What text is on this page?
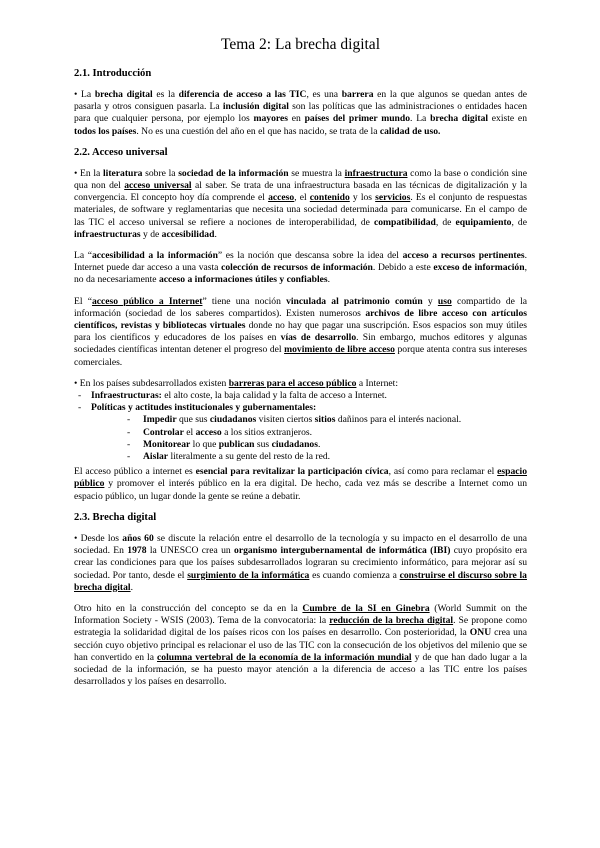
Tema 2: La brecha digital
2.1. Introducción

• La brecha digital es la diferencia de acceso a las TIC, es una barrera en la que algunos se quedan antes de pasarla y otros consiguen pasarla. La inclusión digital son las políticas que las administraciones o entidades hacen para que cualquier persona, por ejemplo los mayores en países del primer mundo. La brecha digital existe en todos los países. No es una cuestión del año en el que has nacido, se trata de la calidad de uso.

2.2. Acceso universal

• En la literatura sobre la sociedad de la información se muestra la infraestructura como la base o condición sine qua non del acceso universal al saber. Se trata de una infraestructura basada en las técnicas de digitalización y la convergencia. El concepto hoy día comprende el acceso, el contenido y los servicios. Es el conjunto de respuestas materiales, de software y reglamentarias que necesita una sociedad determinada para comunicarse. En el campo de las TIC el acceso universal se refiere a nociones de interoperabilidad, de compatibilidad, de equipamiento, de infraestructuras y de accesibilidad.

La “accesibilidad a la información” es la noción que descansa sobre la idea del acceso a recursos pertinentes. Internet puede dar acceso a una vasta colección de recursos de información. Debido a este exceso de información, no da necesariamente acceso a informaciones útiles y confiables.

El “acceso público a Internet” tiene una noción vinculada al patrimonio común y uso compartido de la información (sociedad de los saberes compartidos). Existen numerosos archivos de libre acceso con artículos científicos, revistas y bibliotecas virtuales donde no hay que pagar una suscripción. Esos espacios son muy útiles para los científicos y educadores de los países en vías de desarrollo. Sin embargo, muchos editores y algunas sociedades científicas intentan detener el progreso del movimiento de libre acceso porque atenta contra sus intereses comerciales.

• En los países subdesarrollados existen barreras para el acceso público a Internet:

- Infraestructuras: el alto coste, la baja calidad y la falta de acceso a Internet.
- Políticas y actitudes institucionales y gubernamentales:
- Impedir que sus ciudadanos visiten ciertos sitios dañinos para el interés nacional.
- Controlar el acceso a los sitios extranjeros.
- Monitorear lo que publican sus ciudadanos.
- Aislar literalmente a su gente del resto de la red.

El acceso público a internet es esencial para revitalizar la participación cívica, así como para reclamar el espacio público y promover el interés público en la era digital. De hecho, cada vez más se describe a Internet como un espacio público, un lugar donde la gente se reúne a debatir.

2.3. Brecha digital

• Desde los años 60 se discute la relación entre el desarrollo de la tecnología y su impacto en el desarrollo de una sociedad. En 1978 la UNESCO crea un organismo intergubernamental de informática (IBI) cuyo propósito era crear las condiciones para que los países subdesarrollados lograran su crecimiento informático, para mejorar así su sociedad. Por tanto, desde el surgimiento de la informática es cuando comienza a construirse el discurso sobre la brecha digital.

Otro hito en la construcción del concepto se da en la Cumbre de la SI en Ginebra (World Summit on the Information Society - WSIS (2003). Tema de la convocatoria: la reducción de la brecha digital. Se propone como estrategia la solidaridad digital de los países ricos con los países en desarrollo. Con posterioridad, la ONU crea una sección cuyo objetivo principal es relacionar el uso de las TIC con la consecución de los objetivos del milenio que se han convertido en la columna vertebral de la economía de la información mundial y de que han dado lugar a la sociedad de la información, se ha puesto mayor atención a la diferencia de acceso a las TIC entre los países desarrollados y los países en desarrollo.
